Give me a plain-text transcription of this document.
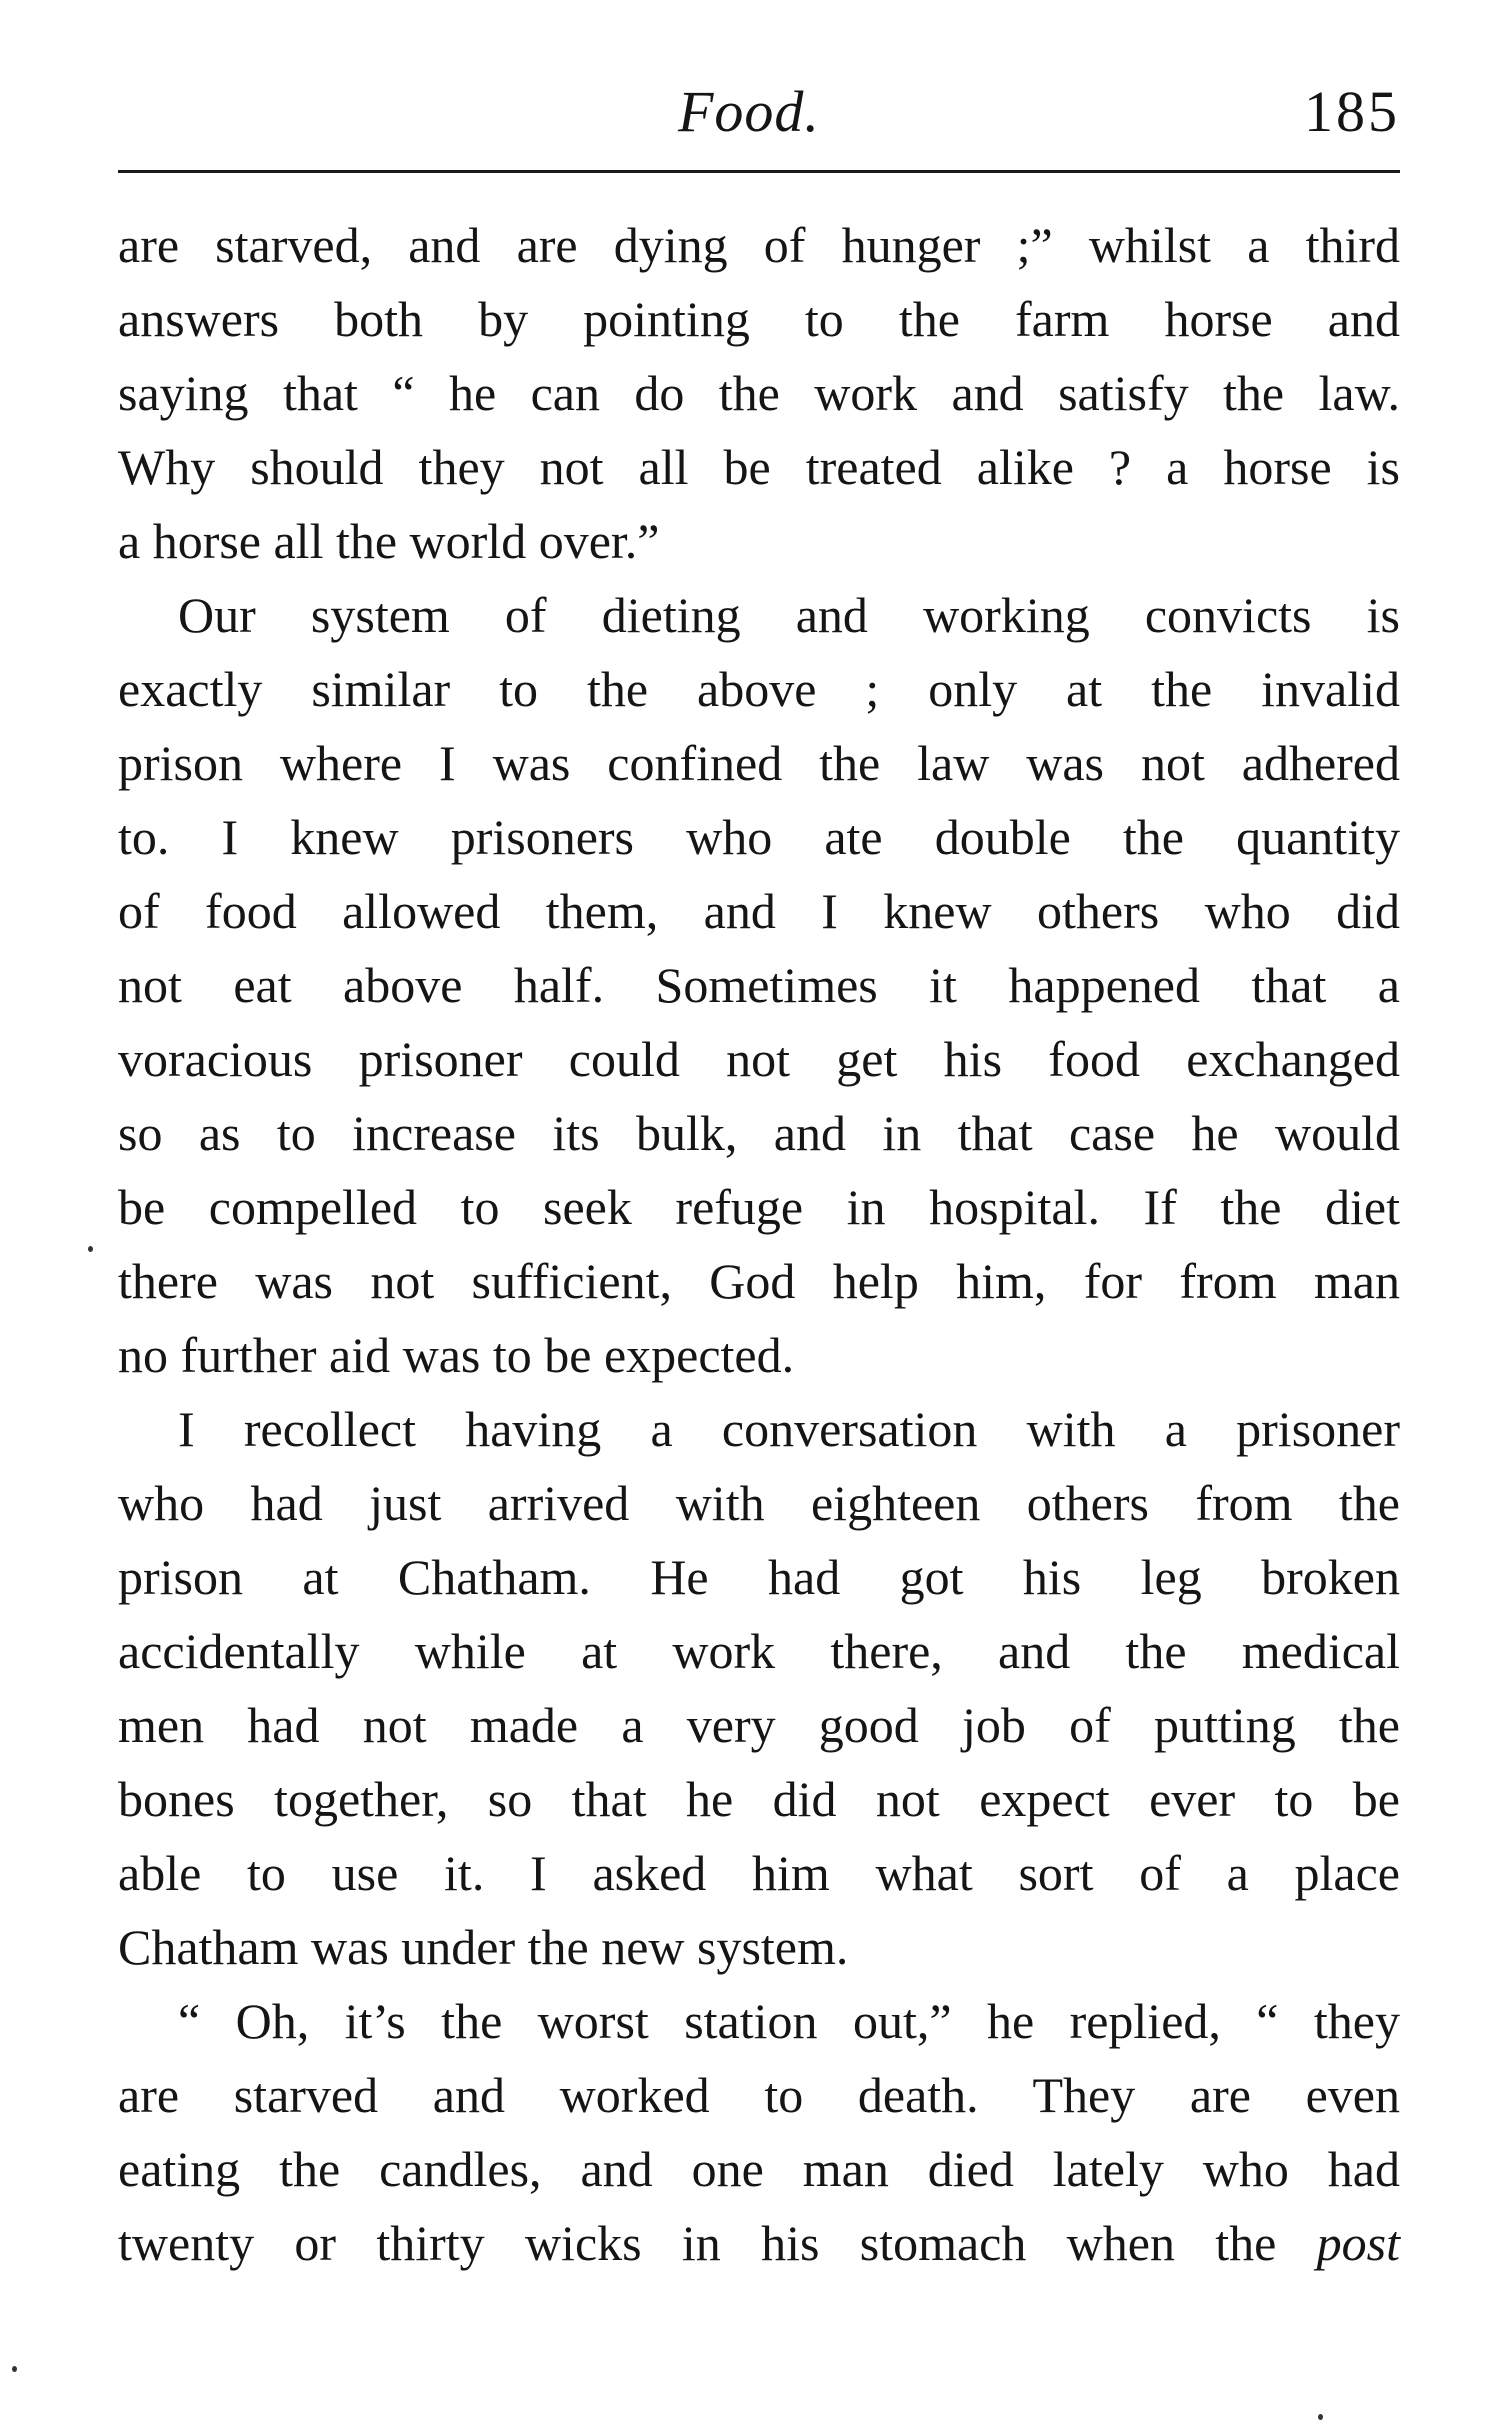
Food.	185
are starved, and are dying of hunger ;” whilst a third
answers both by pointing to the farm horse and
saying that “ he can do the work and satisfy the law.
Why should they not all be treated alike ? a horse is
a horse all the world over.”
Our system of dieting and working convicts is
exactly similar to the above ; only at the invalid
prison where I was confined the law was not adhered
to. I knew prisoners who ate double the quantity
of food allowed them, and I knew others who did
not eat above half. Sometimes it happened that a
voracious prisoner could not get his food exchanged
so as to increase its bulk, and in that case he would
be compelled to seek refuge in hospital. If the diet
there was not sufficient, God help him, for from man
no further aid was to be expected.
I recollect having a conversation with a prisoner
who had just arrived with eighteen others from the
prison at Chatham. He had got his leg broken
accidentally while at work there, and the medical
men had not made a very good job of putting the
bones together, so that he did not expect ever to be
able to use it. I asked him what sort of a place
Chatham was under the new system.
“ Oh, it’s the worst station out,” he replied, “ they
are starved and worked to death. They are even
eating the candles, and one man died lately who had
twenty or thirty wicks in his stomach when the post
